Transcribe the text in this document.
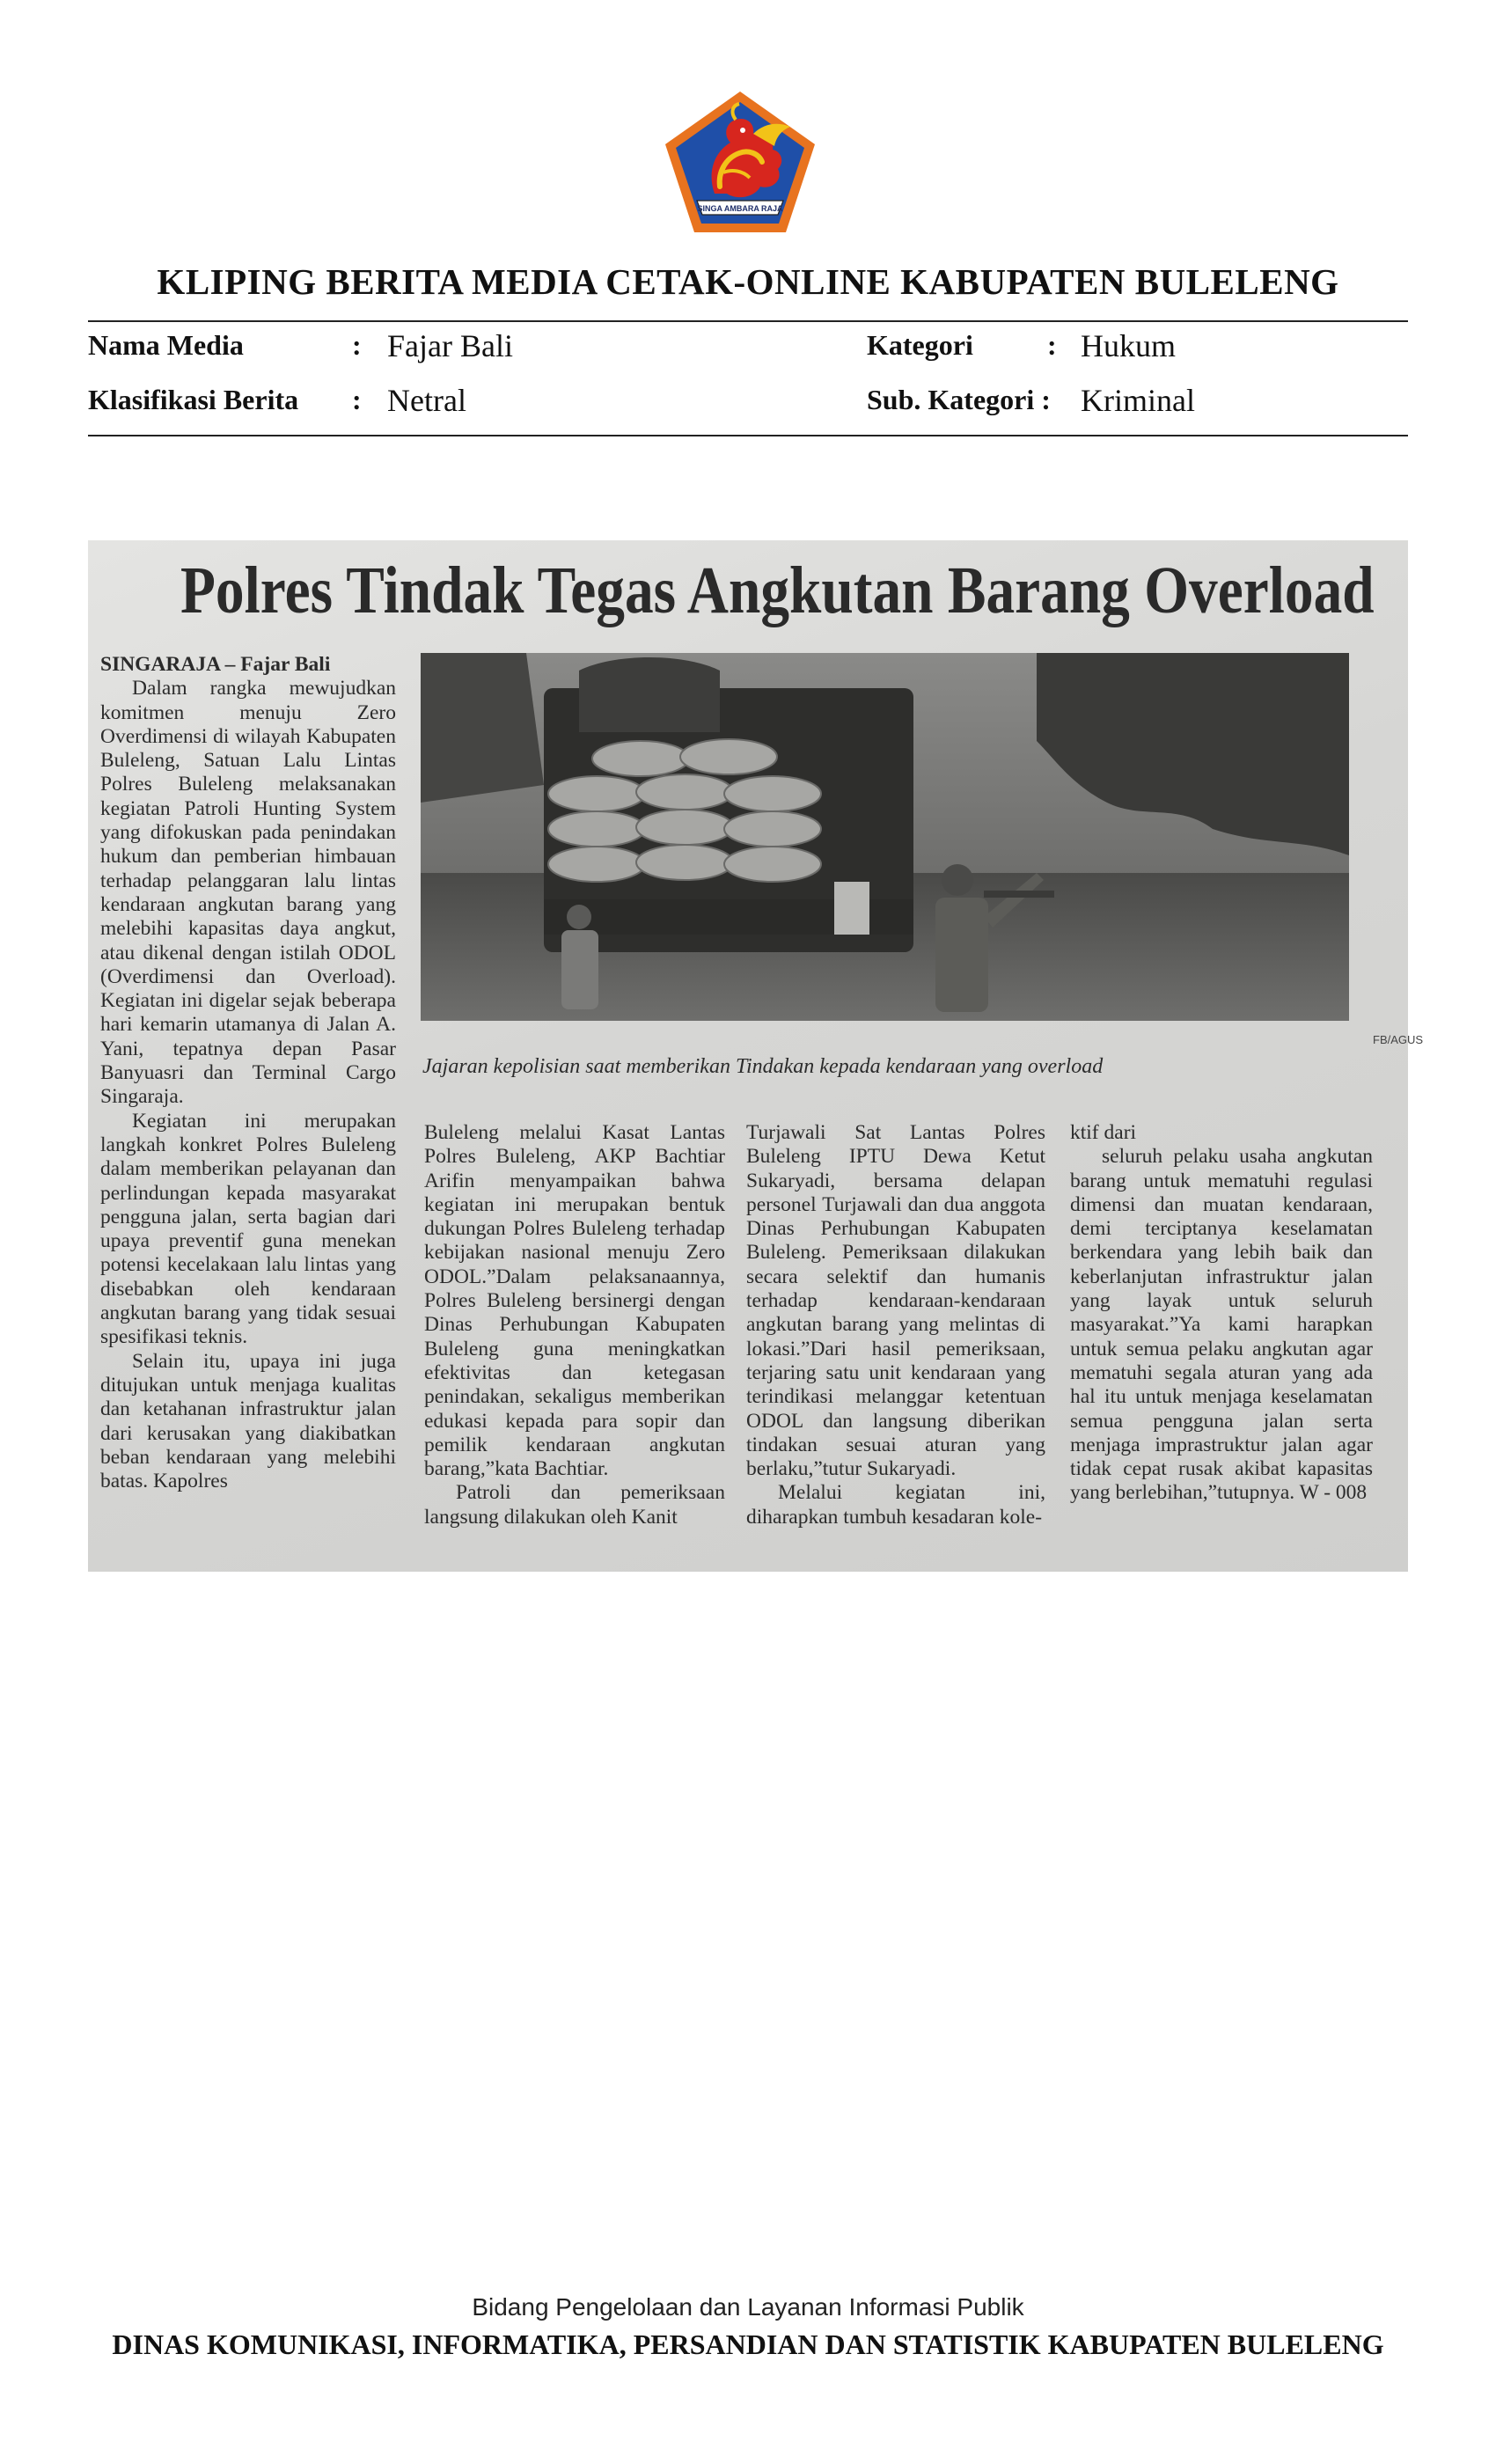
SINGA AMBARA RAJA
KLIPING BERITA MEDIA CETAK-ONLINE KABUPATEN BULELENG
Nama Media	: Fajar Bali	Kategori	: Hukum
Klasifikasi Berita : Netral	Sub. Kategori : Kriminal
Polres Tindak Tegas Angkutan Barang Overload
FB/AGUS
Jajaran kepolisian saat memberikan Tindakan kepada kendaraan yang overload

SINGARAJA – Fajar Bali

Dalam rangka mewujudkan komitmen menuju Zero Overdimensi di wilayah Kabupaten Buleleng, Satuan Lalu Lintas Polres Buleleng melaksanakan kegiatan Patroli Hunting System yang difokuskan pada penindakan hukum dan pemberian himbauan terhadap pelanggaran lalu lintas kendaraan angkutan barang yang melebihi kapasitas daya angkut, atau dikenal dengan istilah ODOL (Overdimensi dan Overload). Kegiatan ini digelar sejak beberapa hari kemarin utamanya di Jalan A. Yani, tepatnya depan Pasar Banyuasri dan Terminal Cargo Singaraja.

Kegiatan ini merupakan langkah konkret Polres Buleleng dalam memberikan pelayanan dan perlindungan kepada masyarakat pengguna jalan, serta bagian dari upaya preventif guna menekan potensi kecelakaan lalu lintas yang disebabkan oleh kendaraan angkutan barang yang tidak sesuai spesifikasi teknis.

Selain itu, upaya ini juga ditujukan untuk menjaga kualitas dan ketahanan infrastruktur jalan dari kerusakan yang diakibatkan beban kendaraan yang melebihi batas. Kapolres

Buleleng melalui Kasat Lantas Polres Buleleng, AKP Bachtiar Arifin menyampaikan bahwa kegiatan ini merupakan bentuk dukungan Polres Buleleng terhadap kebijakan nasional menuju Zero ODOL.”Dalam pelaksanaannya, Polres Buleleng bersinergi dengan Dinas Perhubungan Kabupaten Buleleng guna meningkatkan efektivitas dan ketegasan penindakan, sekaligus memberikan edukasi kepada para sopir dan pemilik kendaraan angkutan barang,”kata Bachtiar.

Patroli dan pemeriksaan langsung dilakukan oleh Kanit

Turjawali Sat Lantas Polres Buleleng IPTU Dewa Ketut Sukaryadi, bersama delapan personel Turjawali dan dua anggota Dinas Perhubungan Kabupaten Buleleng. Pemeriksaan dilakukan secara selektif dan humanis terhadap kendaraan-kendaraan angkutan barang yang melintas di lokasi.”Dari hasil pemeriksaan, terjaring satu unit kendaraan yang terindikasi melanggar ketentuan ODOL dan langsung diberikan tindakan sesuai aturan yang berlaku,”tutur Sukaryadi.

Melalui kegiatan ini, diharapkan tumbuh kesadaran kole-

ktif dari

seluruh pelaku usaha angkutan barang untuk mematuhi regulasi dimensi dan muatan kendaraan, demi terciptanya keselamatan berkendara yang lebih baik dan keberlanjutan infrastruktur jalan yang layak untuk seluruh masyarakat.”Ya kami harapkan untuk semua pelaku angkutan agar mematuhi segala aturan yang ada hal itu untuk menjaga keselamatan semua pengguna jalan serta menjaga imprastruktur jalan agar tidak cepat rusak akibat kapasitas yang berlebihan,”tutupnya. W - 008

Bidang Pengelolaan dan Layanan Informasi Publik
DINAS KOMUNIKASI, INFORMATIKA, PERSANDIAN DAN STATISTIK KABUPATEN BULELENG
